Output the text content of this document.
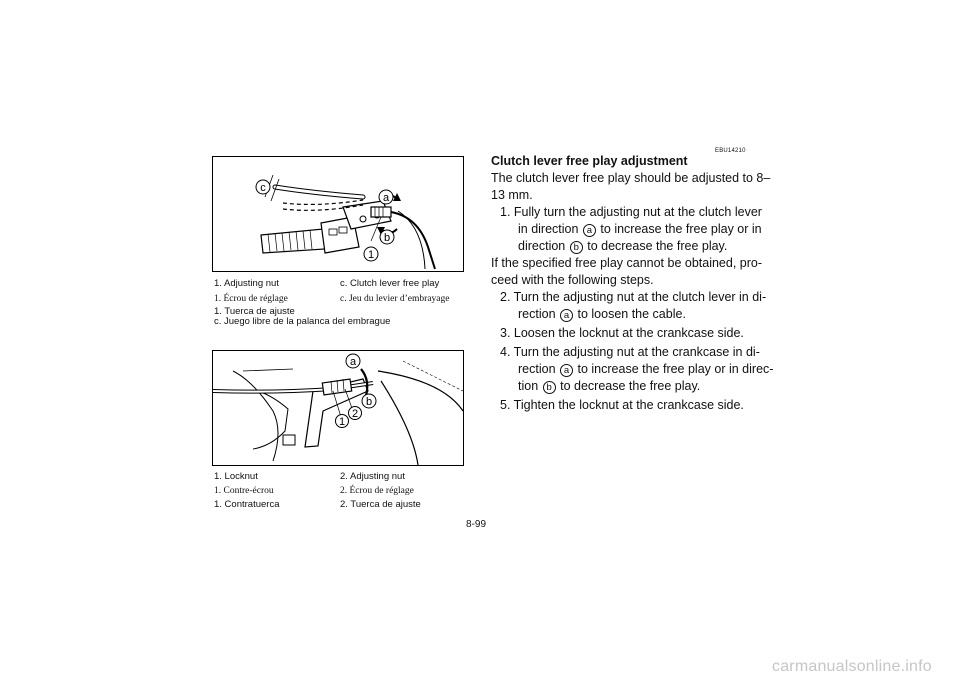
c
a
b
1
1. Adjusting nut	c. Clutch lever free play
1. Écrou de réglage	c. Jeu du levier d’embrayage
1. Tuerca de ajuste
c. Juego libre de la palanca del embrague
a
b
1
2
1. Locknut	2. Adjusting nut
1. Contre-écrou	2. Écrou de réglage
1. Contratuerca	2. Tuerca de ajuste
EBU14210
Clutch lever free play adjustment
The clutch lever free play should be adjusted to 8–
13 mm.
1. Fully turn the adjusting nut at the clutch lever
in direction a to increase the free play or in
direction b to decrease the free play.
If the specified free play cannot be obtained, pro-
ceed with the following steps.
2. Turn the adjusting nut at the clutch lever in di-
rection a to loosen the cable.
3. Loosen the locknut at the crankcase side.
4. Turn the adjusting nut at the crankcase in di-
rection a to increase the free play or in direc-
tion b to decrease the free play.
5. Tighten the locknut at the crankcase side.
8-99
carmanualsonline.info
